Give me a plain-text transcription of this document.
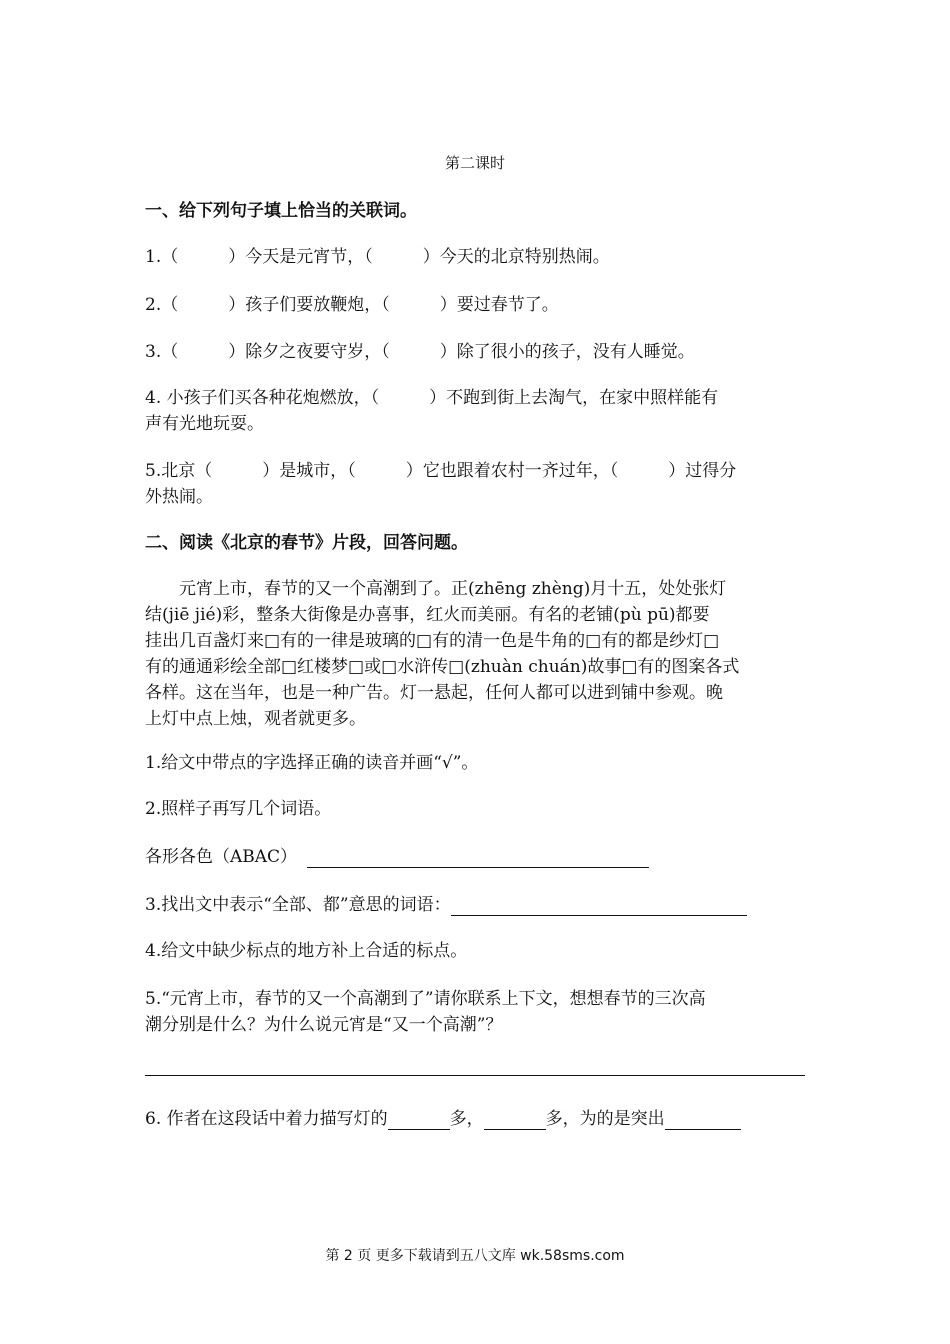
第二课时
一、给下列句子填上恰当的关联词。
1.（	）今天是元宵节，（	）今天的北京特别热闹。
2.（	）孩子们要放鞭炮，（	）要过春节了。
3.（	）除夕之夜要守岁，（	）除了很小的孩子，没有人睡觉。
4. 小孩子们买各种花炮燃放，（	）不跑到街上去淘气，在家中照样能有
声有光地玩耍。
5.北京（	）是城市，（	）它也跟着农村一齐过年，（	）过得分
外热闹。
二、阅读《北京的春节》片段，回答问题。
　　元宵上市，春节的又一个高潮到了。正(zhēng zhèng)月十五，处处张灯
结(jiē jié)彩，整条大街像是办喜事，红火而美丽。有名的老铺(pù pū)都要
挂出几百盏灯来□有的一律是玻璃的□有的清一色是牛角的□有的都是纱灯□
有的通通彩绘全部□红楼梦□或□水浒传□(zhuàn chuán)故事□有的图案各式
各样。这在当年，也是一种广告。灯一悬起，任何人都可以进到铺中参观。晚
上灯中点上烛，观者就更多。
1.给文中带点的字选择正确的读音并画“√”。
2.照样子再写几个词语。
各形各色（ABAC）
3.找出文中表示“全部、都”意思的词语：
4.给文中缺少标点的地方补上合适的标点。
5.“元宵上市，春节的又一个高潮到了”请你联系上下文，想想春节的三次高
潮分别是什么？为什么说元宵是“又一个高潮”？
6. 作者在这段话中着力描写灯的	多，	多，为的是突出
第 2 页 更多下载请到五八文库 wk.58sms.com
